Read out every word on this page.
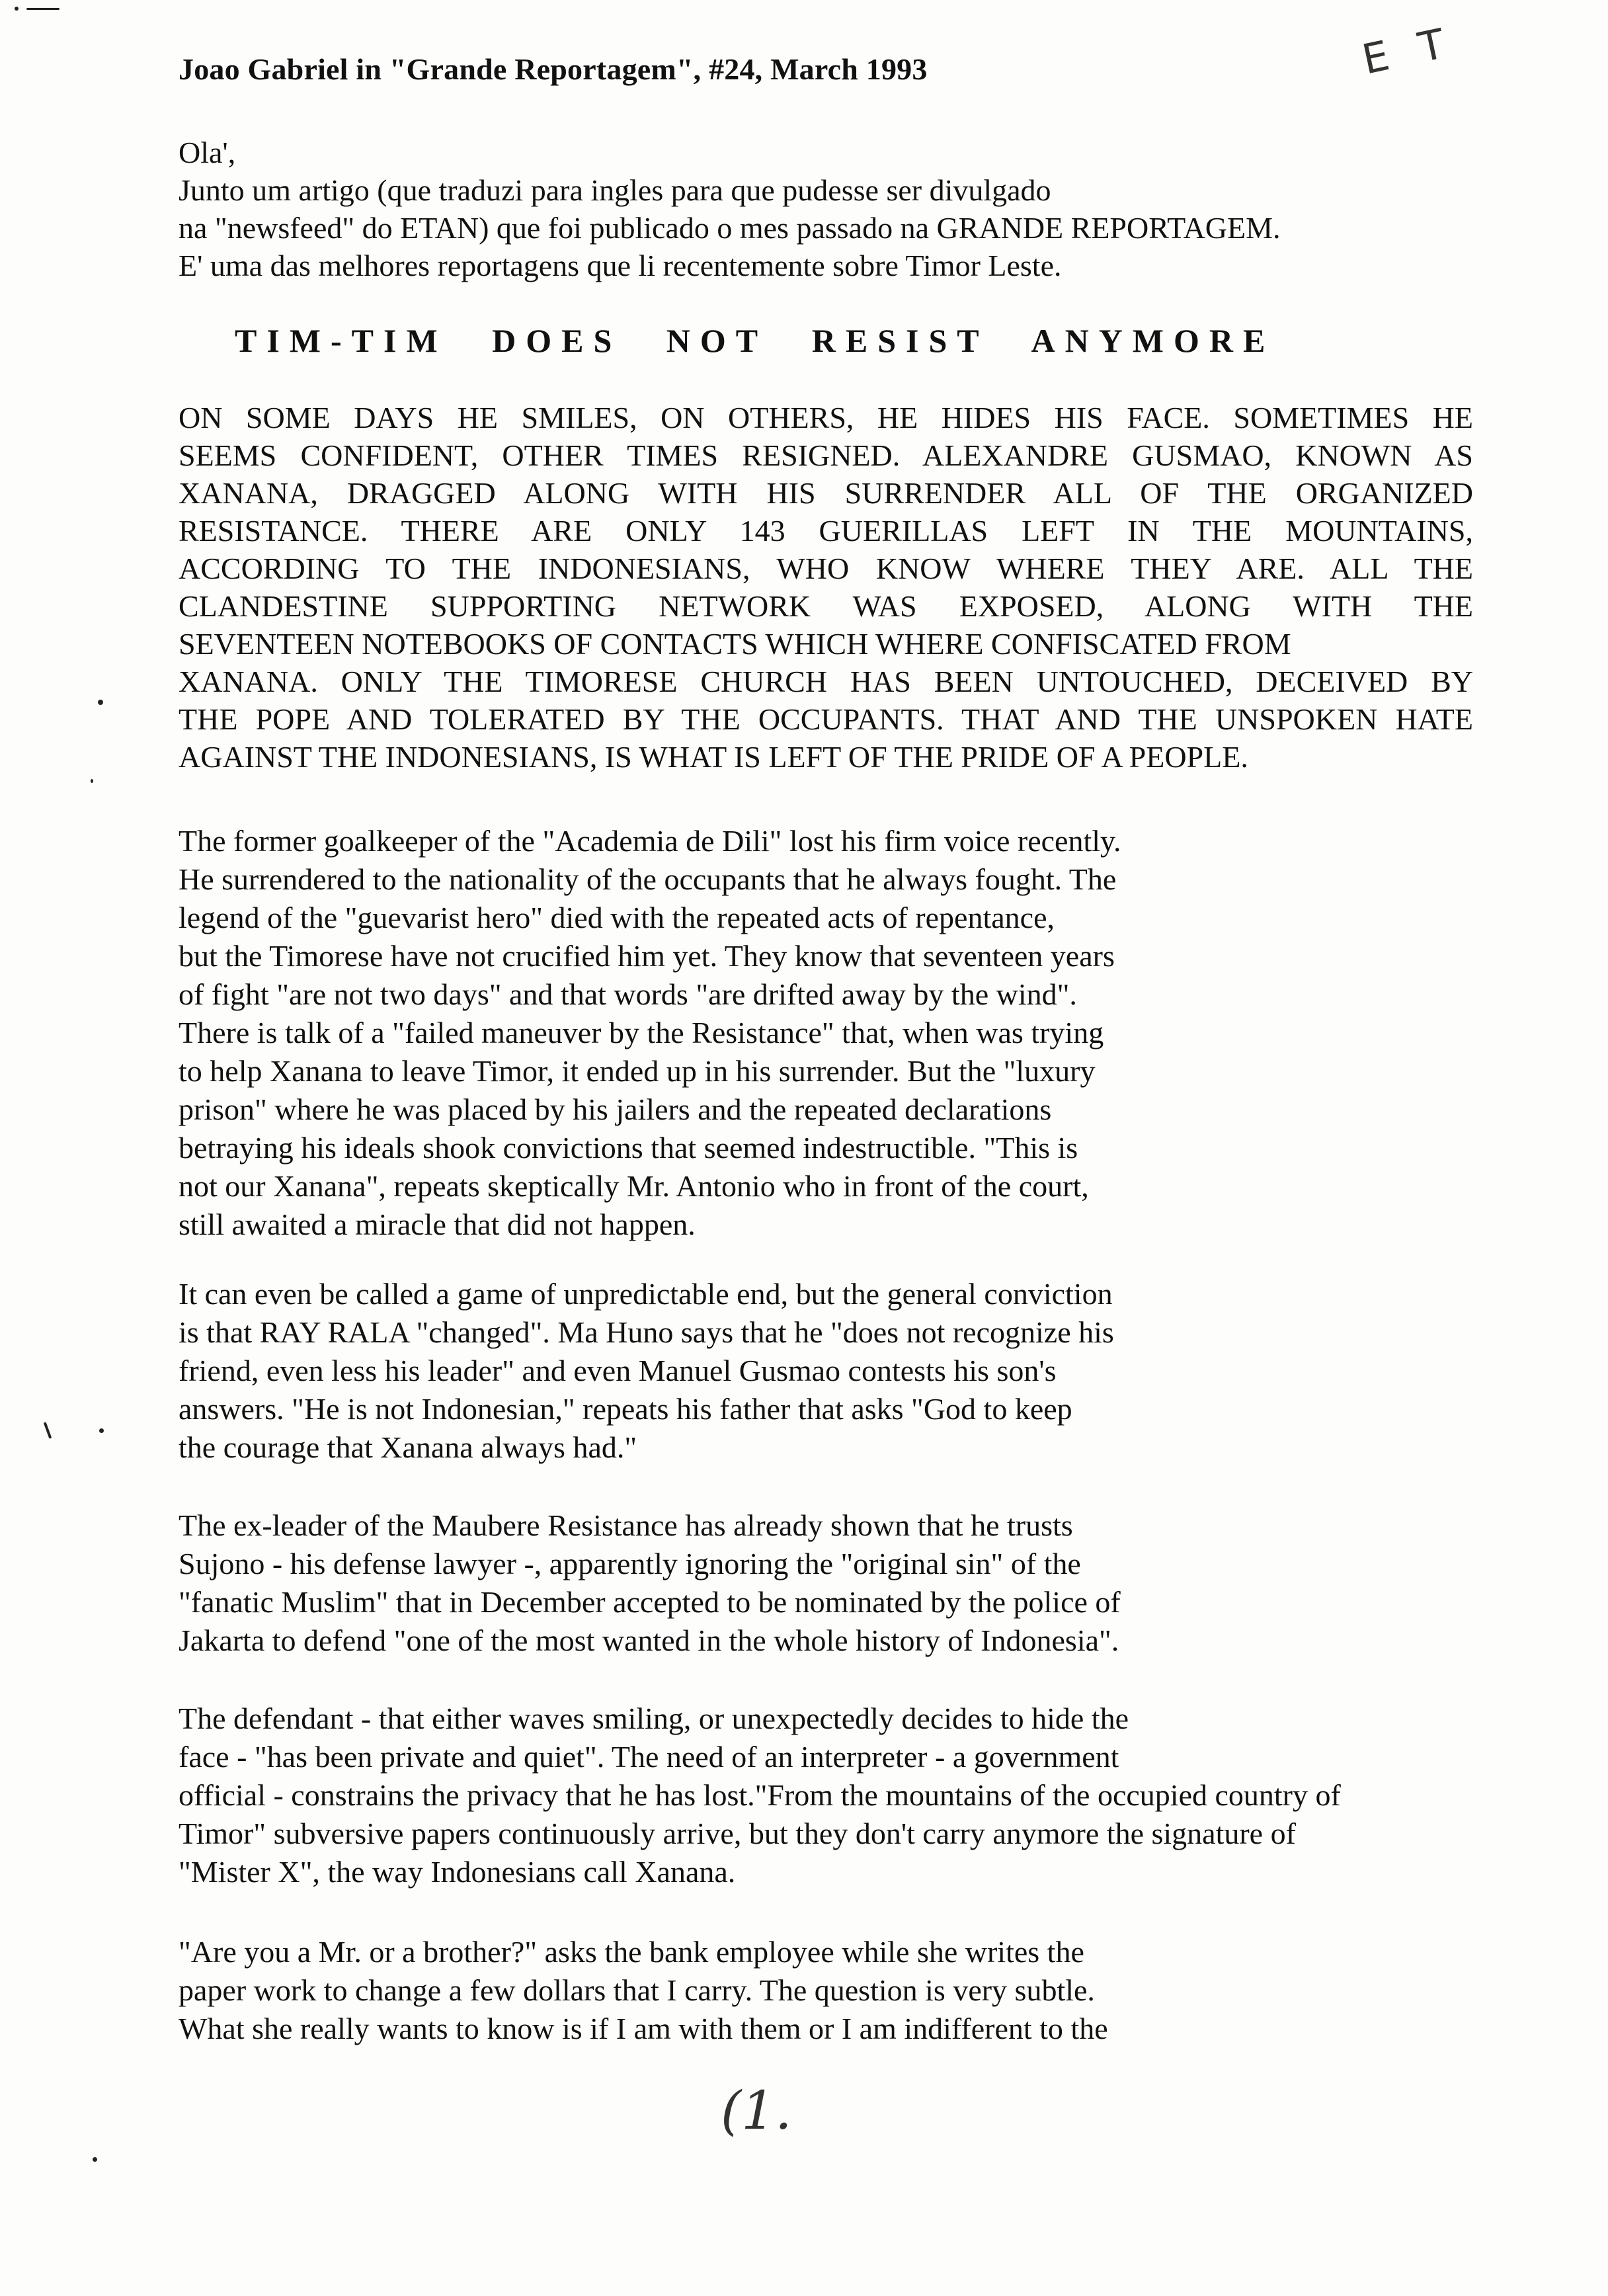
Joao Gabriel in "Grande Reportagem", #24, March 1993	E T

Ola',

Junto um artigo (que traduzi para ingles para que pudesse ser divulgado

na "newsfeed" do ETAN) que foi publicado o mes passado na GRANDE REPORTAGEM.

E' uma das melhores reportagens que li recentemente sobre Timor Leste.

TIM-TIM DOES NOT RESIST ANYMORE
ON SOME DAYS HE SMILES, ON OTHERS, HE HIDES HIS FACE. SOMETIMES HE
SEEMS CONFIDENT, OTHER TIMES RESIGNED. ALEXANDRE GUSMAO, KNOWN AS
XANANA, DRAGGED ALONG WITH HIS SURRENDER ALL OF THE ORGANIZED
RESISTANCE. THERE ARE ONLY 143 GUERILLAS LEFT IN THE MOUNTAINS,
ACCORDING TO THE INDONESIANS, WHO KNOW WHERE THEY ARE. ALL THE
CLANDESTINE SUPPORTING NETWORK WAS EXPOSED, ALONG WITH THE
SEVENTEEN NOTEBOOKS OF CONTACTS WHICH WHERE CONFISCATED FROM
XANANA. ONLY THE TIMORESE CHURCH HAS BEEN UNTOUCHED, DECEIVED BY
THE POPE AND TOLERATED BY THE OCCUPANTS. THAT AND THE UNSPOKEN HATE
AGAINST THE INDONESIANS, IS WHAT IS LEFT OF THE PRIDE OF A PEOPLE.
The former goalkeeper of the "Academia de Dili" lost his firm voice recently.
He surrendered to the nationality of the occupants that he always fought. The
legend of the "guevarist hero" died with the repeated acts of repentance,
but the Timorese have not crucified him yet. They know that seventeen years
of fight "are not two days" and that words "are drifted away by the wind".
There is talk of a "failed maneuver by the Resistance" that, when was trying
to help Xanana to leave Timor, it ended up in his surrender. But the "luxury
prison" where he was placed by his jailers and the repeated declarations
betraying his ideals shook convictions that seemed indestructible. "This is
not our Xanana", repeats skeptically Mr. Antonio who in front of the court,
still awaited a miracle that did not happen.
It can even be called a game of unpredictable end, but the general conviction
is that RAY RALA "changed". Ma Huno says that he "does not recognize his
friend, even less his leader" and even Manuel Gusmao contests his son's
answers. "He is not Indonesian," repeats his father that asks "God to keep
the courage that Xanana always had."
The ex-leader of the Maubere Resistance has already shown that he trusts
Sujono - his defense lawyer -, apparently ignoring the "original sin" of the
"fanatic Muslim" that in December accepted to be nominated by the police of
Jakarta to defend "one of the most wanted in the whole history of Indonesia".
The defendant - that either waves smiling, or unexpectedly decides to hide the
face - "has been private and quiet". The need of an interpreter - a government
official - constrains the privacy that he has lost."From the mountains of the occupied country of
Timor" subversive papers continuously arrive, but they don't carry anymore the signature of
"Mister X", the way Indonesians call Xanana.
"Are you a Mr. or a brother?" asks the bank employee while she writes the
paper work to change a few dollars that I carry. The question is very subtle.
What she really wants to know is if I am with them or I am indifferent to the
(1.
